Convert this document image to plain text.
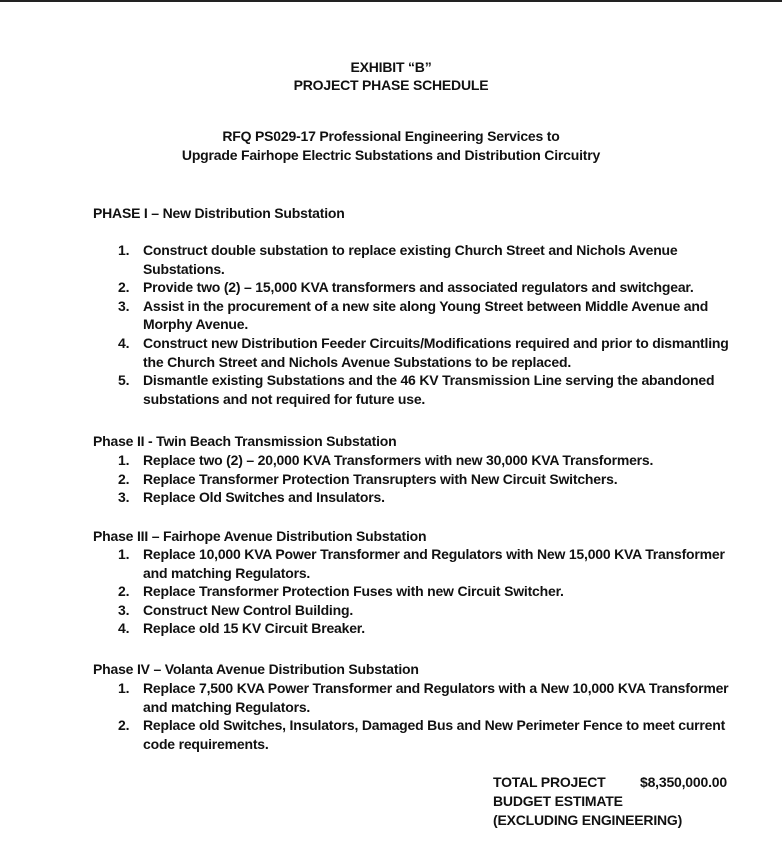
EXHIBIT “B”
PROJECT PHASE SCHEDULE
RFQ PS029-17 Professional Engineering Services to
Upgrade Fairhope Electric Substations and Distribution Circuitry
PHASE I – New Distribution Substation
1. Construct double substation to replace existing Church Street and Nichols Avenue Substations.
2. Provide two (2) – 15,000 KVA transformers and associated regulators and switchgear.
3. Assist in the procurement of a new site along Young Street between Middle Avenue and Morphy Avenue.
4. Construct new Distribution Feeder Circuits/Modifications required and prior to dismantling the Church Street and Nichols Avenue Substations to be replaced.
5. Dismantle existing Substations and the 46 KV Transmission Line serving the abandoned substations and not required for future use.
Phase II - Twin Beach Transmission Substation
1. Replace two (2) – 20,000 KVA Transformers with new 30,000 KVA Transformers.
2. Replace Transformer Protection Transrupters with New Circuit Switchers.
3. Replace Old Switches and Insulators.
Phase III – Fairhope Avenue Distribution Substation
1. Replace 10,000 KVA Power Transformer and Regulators with New 15,000 KVA Transformer and matching Regulators.
2. Replace Transformer Protection Fuses with new Circuit Switcher.
3. Construct New Control Building.
4. Replace old 15 KV Circuit Breaker.
Phase IV – Volanta Avenue Distribution Substation
1. Replace 7,500 KVA Power Transformer and Regulators with a New 10,000 KVA Transformer and matching Regulators.
2. Replace old Switches, Insulators, Damaged Bus and New Perimeter Fence to meet current code requirements.
TOTAL PROJECT
BUDGET ESTIMATE
(EXCLUDING ENGINEERING)
$8,350,000.00
